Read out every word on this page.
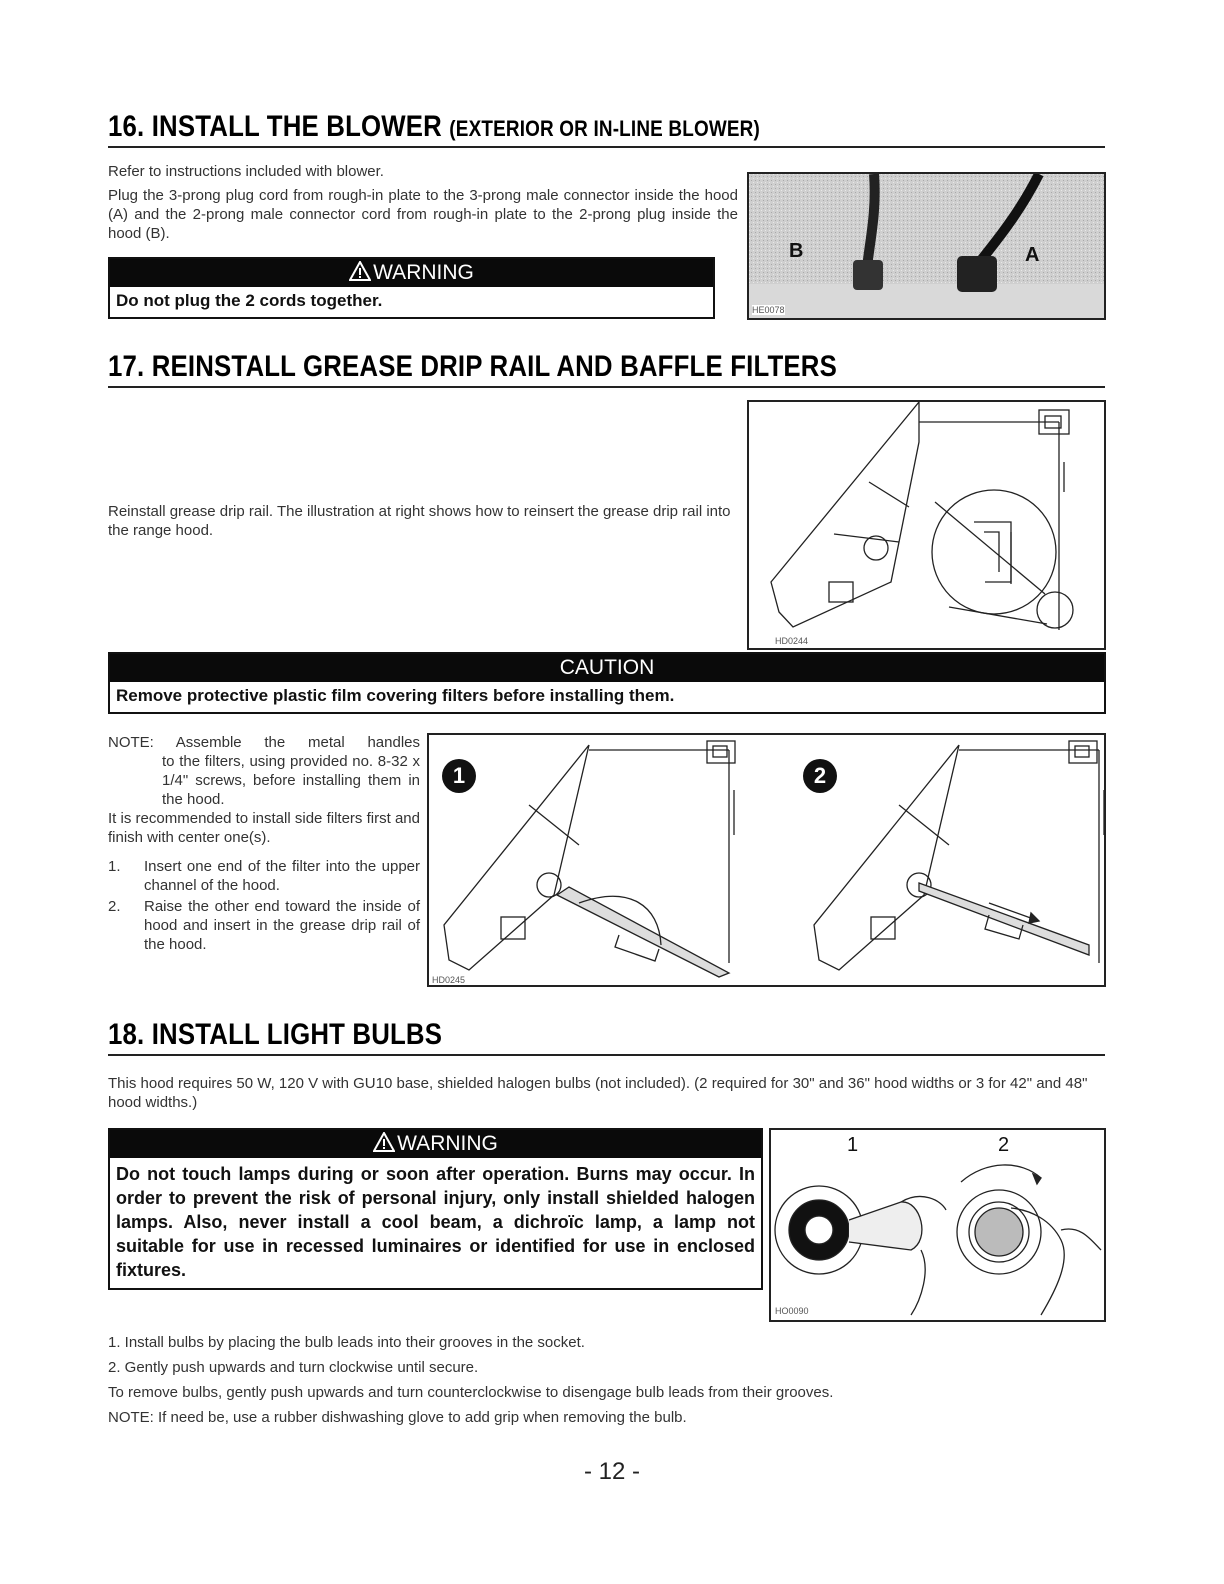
16. INSTALL THE BLOWER (EXTERIOR OR IN-LINE BLOWER)
Refer to instructions included with blower.
Plug the 3-prong plug cord from rough-in plate to the 3-prong male connector inside the hood (A) and the 2-prong male connector cord from rough-in plate to the 2-prong plug inside the hood (B).
WARNING
Do not plug the 2 cords together.
B	A
HE0078
17. REINSTALL GREASE DRIP RAIL AND BAFFLE FILTERS
Reinstall grease drip rail. The illustration at right shows how to reinsert the grease drip rail into the range hood.
HD0244
CAUTION
Remove protective plastic film covering filters before installing them.
NOTE: Assemble the metal handles
to the filters, using provided no. 8-32 x 1/4" screws, before installing them in the hood.
It is recommended to install side filters first and finish with center one(s).
1.	Insert one end of the filter into the upper channel of the hood.
2.	Raise the other end toward the inside of hood and insert in the grease drip rail of the hood.
1	2
HD0245
18. INSTALL LIGHT BULBS
This hood requires 50 W, 120 V with GU10 base, shielded halogen bulbs (not included). (2 required for 30" and 36" hood widths or 3 for 42" and 48" hood widths.)
WARNING
Do not touch lamps during or soon after operation. Burns may occur. In order to prevent the risk of personal injury, only install shielded halogen lamps. Also, never install a cool beam, a dichroïc lamp, a lamp not suitable for use in recessed luminaires or identified for use in enclosed fixtures.
1	2
HO0090
1. Install bulbs by placing the bulb leads into their grooves in the socket.
2. Gently push upwards and turn clockwise until secure.
To remove bulbs, gently push upwards and turn counterclockwise to disengage bulb leads from their grooves.
NOTE: If need be, use a rubber dishwashing glove to add grip when removing the bulb.
- 12 -
